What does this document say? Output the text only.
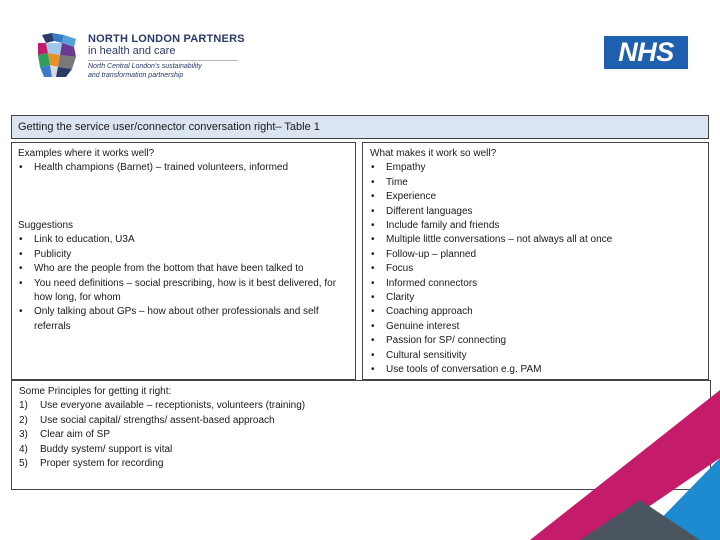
NORTH LONDON PARTNERS
in health and care
North Central London's sustainability
and transformation partnership
NHS
Getting the service user/connector conversation right– Table 1
Examples where it works well?
• Health champions (Barnet) – trained volunteers, informed
Suggestions
• Link to education, U3A
• Publicity
• Who are the people from the bottom that have been talked to
• You need definitions – social prescribing, how is it best delivered, for how long, for whom
• Only talking about GPs – how about other professionals and self referrals
What makes it work so well?
• Empathy
• Time
• Experience
• Different languages
• Include family and friends
• Multiple little conversations – not always all at once
• Follow-up – planned
• Focus
• Informed connectors
• Clarity
• Coaching approach
• Genuine interest
• Passion for SP/ connecting
• Cultural sensitivity
• Use tools of conversation e.g. PAM
Some Principles for getting it right:
1) Use everyone available – receptionists, volunteers (training)
2) Use social capital/ strengths/ assent-based approach
3) Clear aim of SP
4) Buddy system/ support is vital
5) Proper system for recording
